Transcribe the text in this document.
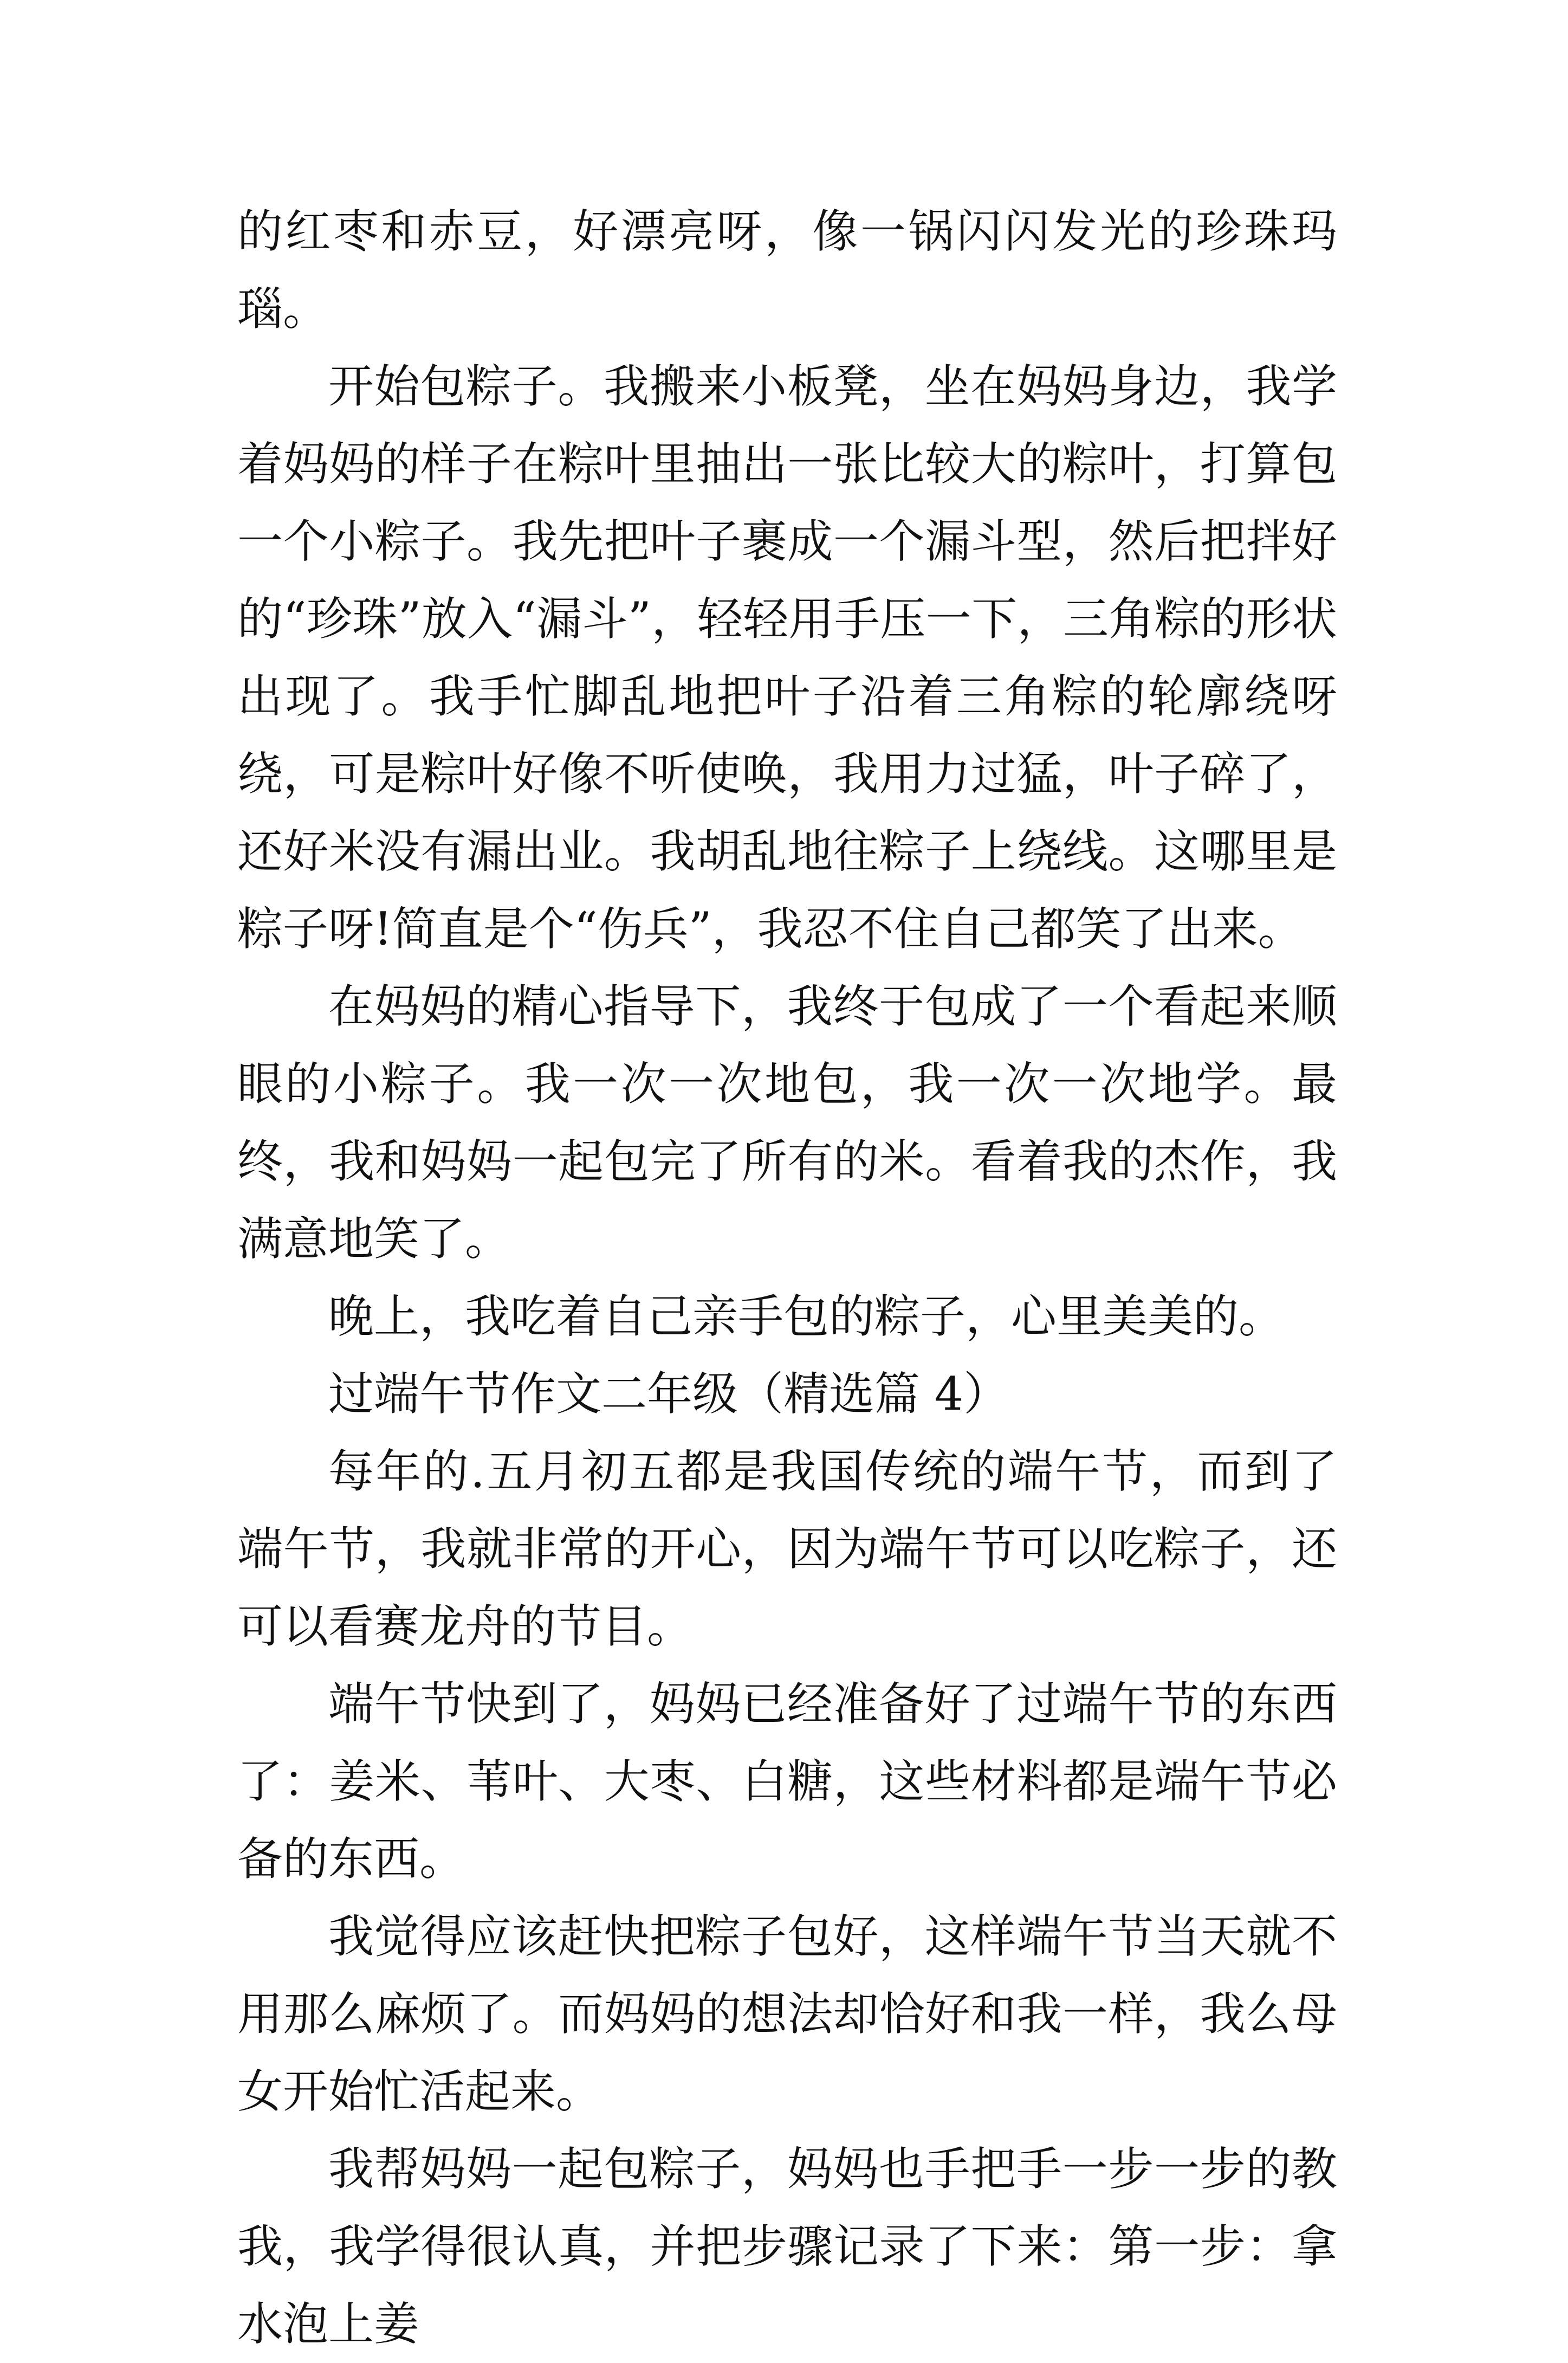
的红枣和赤豆，好漂亮呀，像一锅闪闪发光的珍珠玛瑙。

开始包粽子。我搬来小板凳，坐在妈妈身边，我学着妈妈的样子在粽叶里抽出一张比较大的粽叶，打算包一个小粽子。我先把叶子裹成一个漏斗型，然后把拌好的“珍珠”放入“漏斗”，轻轻用手压一下，三角粽的形状出现了。我手忙脚乱地把叶子沿着三角粽的轮廓绕呀绕，可是粽叶好像不听使唤，我用力过猛，叶子碎了，还好米没有漏出业。我胡乱地往粽子上绕线。这哪里是粽子呀!简直是个“伤兵”，我忍不住自己都笑了出来。

在妈妈的精心指导下，我终于包成了一个看起来顺眼的小粽子。我一次一次地包，我一次一次地学。最终，我和妈妈一起包完了所有的米。看着我的杰作，我满意地笑了。

晚上，我吃着自己亲手包的粽子，心里美美的。

过端午节作文二年级（精选篇 4）

每年的.五月初五都是我国传统的端午节，而到了端午节，我就非常的开心，因为端午节可以吃粽子，还可以看赛龙舟的节目。

端午节快到了，妈妈已经准备好了过端午节的东西了：姜米、苇叶、大枣、白糖，这些材料都是端午节必备的东西。

我觉得应该赶快把粽子包好，这样端午节当天就不用那么麻烦了。而妈妈的想法却恰好和我一样，我么母女开始忙活起来。

我帮妈妈一起包粽子，妈妈也手把手一步一步的教我，我学得很认真，并把步骤记录了下来：第一步：拿水泡上姜
